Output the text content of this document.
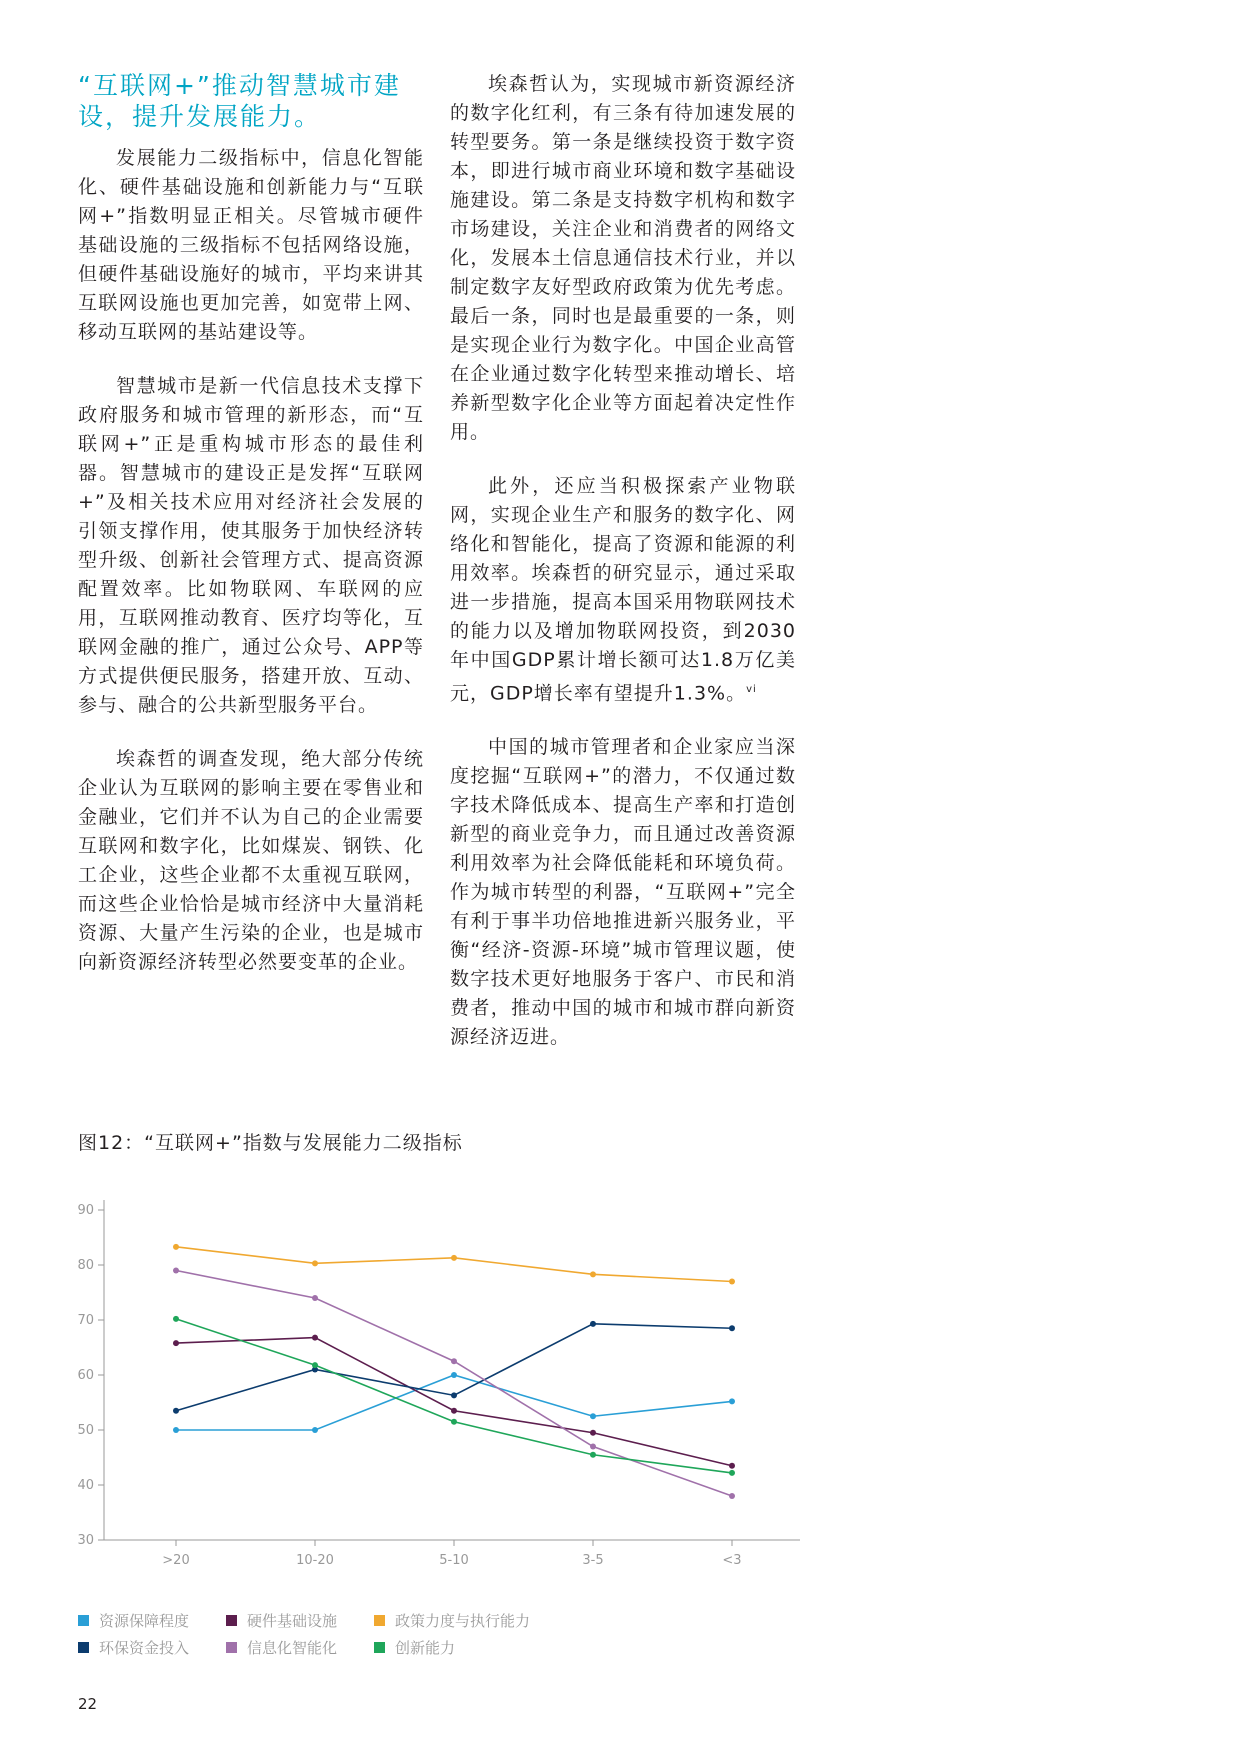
“互联网+”推动智慧城市建设，提升发展能力。

发展能力二级指标中，信息化智能化、硬件基础设施和创新能力与“互联网+”指数明显正相关。尽管城市硬件基础设施的三级指标不包括网络设施，但硬件基础设施好的城市，平均来讲其互联网设施也更加完善，如宽带上网、移动互联网的基站建设等。

智慧城市是新一代信息技术支撑下政府服务和城市管理的新形态，而“互联网+”正是重构城市形态的最佳利器。智慧城市的建设正是发挥“互联网+”及相关技术应用对经济社会发展的引领支撑作用，使其服务于加快经济转型升级、创新社会管理方式、提高资源配置效率。比如物联网、车联网的应用，互联网推动教育、医疗均等化，互联网金融的推广，通过公众号、APP等方式提供便民服务，搭建开放、互动、参与、融合的公共新型服务平台。

埃森哲的调查发现，绝大部分传统企业认为互联网的影响主要在零售业和金融业，它们并不认为自己的企业需要互联网和数字化，比如煤炭、钢铁、化工企业，这些企业都不太重视互联网，而这些企业恰恰是城市经济中大量消耗资源、大量产生污染的企业，也是城市向新资源经济转型必然要变革的企业。

埃森哲认为，实现城市新资源经济的数字化红利，有三条有待加速发展的转型要务。第一条是继续投资于数字资本，即进行城市商业环境和数字基础设施建设。第二条是支持数字机构和数字市场建设，关注企业和消费者的网络文化，发展本土信息通信技术行业，并以制定数字友好型政府政策为优先考虑。最后一条，同时也是最重要的一条，则是实现企业行为数字化。中国企业高管在企业通过数字化转型来推动增长、培养新型数字化企业等方面起着决定性作用。

此外，还应当积极探索产业物联网，实现企业生产和服务的数字化、网络化和智能化，提高了资源和能源的利用效率。埃森哲的研究显示，通过采取进一步措施，提高本国采用物联网技术的能力以及增加物联网投资，到2030年中国GDP累计增长额可达1.8万亿美元，GDP增长率有望提升1.3%。$^{vi}$

中国的城市管理者和企业家应当深度挖掘“互联网+”的潜力，不仅通过数字技术降低成本、提高生产率和打造创新型的商业竞争力，而且通过改善资源利用效率为社会降低能耗和环境负荷。作为城市转型的利器，“互联网+”完全有利于事半功倍地推进新兴服务业，平衡“经济-资源-环境”城市管理议题，使数字技术更好地服务于客户、市民和消费者，推动中国的城市和城市群向新资源经济迈进。

图12：“互联网+”指数与发展能力二级指标
30
40
50
60
70
80
90
>20	10-20	5-10	3-5	<3
资源保障程度	硬件基础设施	政策力度与执行能力
环保资金投入	信息化智能化	创新能力
22
